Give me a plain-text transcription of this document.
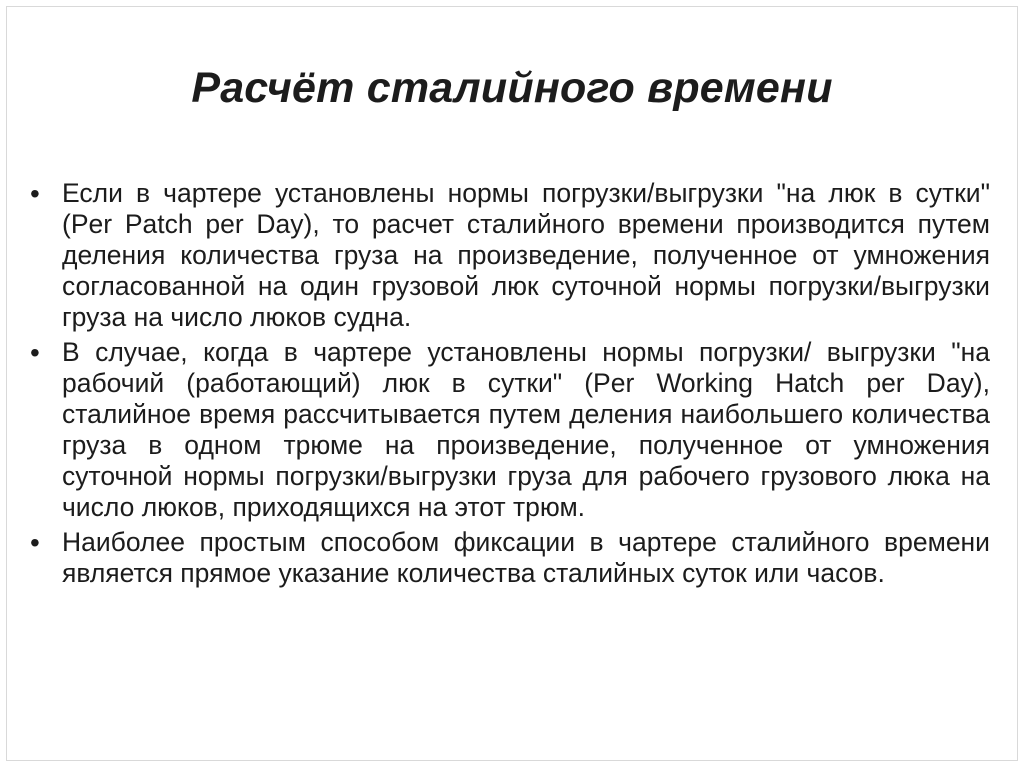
Расчёт сталийного времени
• Если в чартере установлены нормы погрузки/выгрузки "на люк в сутки" (Per Patch per Day), то расчет сталийного времени производится путем деления количества груза на произведение, полученное от умножения согласованной на один грузовой люк суточной нормы погрузки/выгрузки груза на число люков судна.
• В случае, когда в чартере установлены нормы погрузки/ выгрузки "на рабочий (работающий) люк в сутки" (Per Working Hatch per Day), сталийное время рассчитывается путем деления наибольшего количества груза в одном трюме на произведение, полученное от умножения суточной нормы погрузки/выгрузки груза для рабочего грузового люка на число люков, приходящихся на этот трюм.
• Наиболее простым способом фиксации в чартере сталийного времени является прямое указание количества сталийных суток или часов.
